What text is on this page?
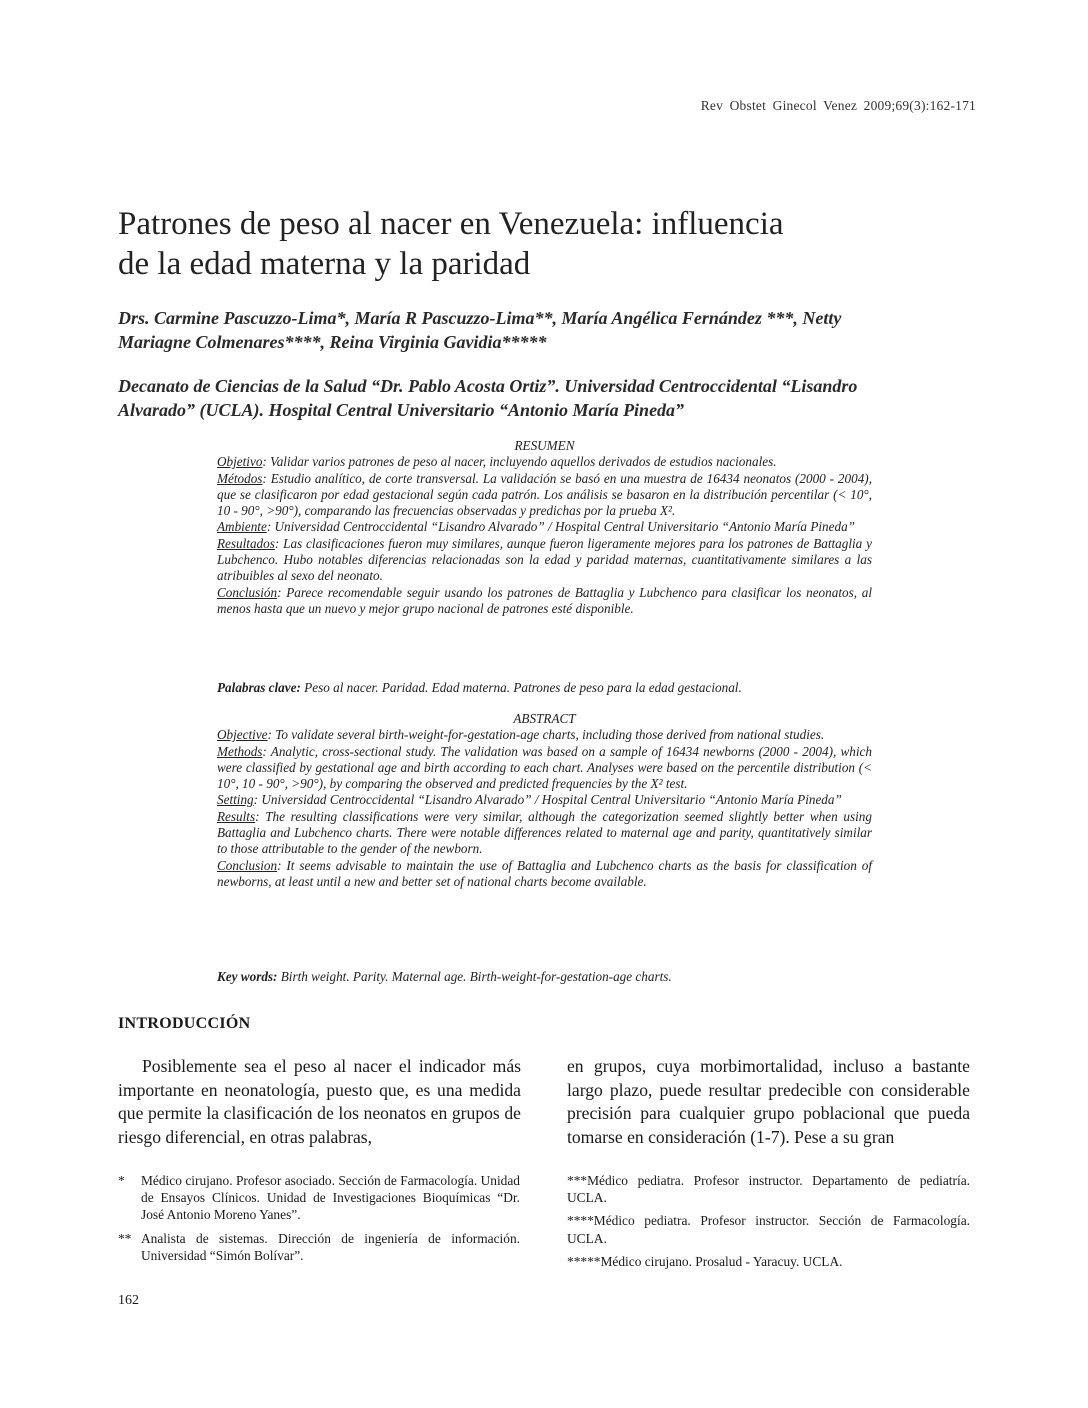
Rev Obstet Ginecol Venez 2009;69(3):162-171
Patrones de peso al nacer en Venezuela: influencia
de la edad materna y la paridad

Drs. Carmine Pascuzzo-Lima*, María R Pascuzzo-Lima**, María Angélica Fernández ***, Netty
Mariagne Colmenares****, Reina Virginia Gavidia*****

Decanato de Ciencias de la Salud “Dr. Pablo Acosta Ortiz”. Universidad Centroccidental “Lisandro
Alvarado” (UCLA). Hospital Central Universitario “Antonio María Pineda”

RESUMEN

Objetivo: Validar varios patrones de peso al nacer, incluyendo aquellos derivados de estudios nacionales.

Métodos: Estudio analítico, de corte transversal. La validación se basó en una muestra de 16434 neonatos (2000 - 2004), que se clasificaron por edad gestacional según cada patrón. Los análisis se basaron en la distribución percentilar (< 10°, 10 - 90°, >90°), comparando las frecuencias observadas y predichas por la prueba X².

Ambiente: Universidad Centroccidental “Lisandro Alvarado” / Hospital Central Universitario “Antonio María Pineda”

Resultados: Las clasificaciones fueron muy similares, aunque fueron ligeramente mejores para los patrones de Battaglia y Lubchenco. Hubo notables diferencias relacionadas son la edad y paridad maternas, cuantitativamente similares a las atribuibles al sexo del neonato.

Conclusión: Parece recomendable seguir usando los patrones de Battaglia y Lubchenco para clasificar los neonatos, al menos hasta que un nuevo y mejor grupo nacional de patrones esté disponible.

Palabras clave: Peso al nacer. Paridad. Edad materna. Patrones de peso para la edad gestacional.

ABSTRACT

Objective: To validate several birth-weight-for-gestation-age charts, including those derived from national studies.

Methods: Analytic, cross-sectional study. The validation was based on a sample of 16434 newborns (2000 - 2004), which were classified by gestational age and birth according to each chart. Analyses were based on the percentile distribution (< 10°, 10 - 90°, >90°), by comparing the observed and predicted frequencies by the X² test.

Setting: Universidad Centroccidental “Lisandro Alvarado” / Hospital Central Universitario “Antonio María Pineda”

Results: The resulting classifications were very similar, although the categorization seemed slightly better when using Battaglia and Lubchenco charts. There were notable differences related to maternal age and parity, quantitatively similar to those attributable to the gender of the newborn.

Conclusion: It seems advisable to maintain the use of Battaglia and Lubchenco charts as the basis for classification of newborns, at least until a new and better set of national charts become available.

Key words: Birth weight. Parity. Maternal age. Birth-weight-for-gestation-age charts.

INTRODUCCIÓN

Posiblemente sea el peso al nacer el indicador más importante en neonatología, puesto que, es una medida que permite la clasificación de los neonatos en grupos de riesgo diferencial, en otras palabras,

en grupos, cuya morbimortalidad, incluso a bastante largo plazo, puede resultar predecible con considerable precisión para cualquier grupo poblacional que pueda tomarse en consideración (1-7). Pese a su gran

*	Médico cirujano. Profesor asociado. Sección de Farmacología. Unidad de Ensayos Clínicos. Unidad de Investigaciones Bioquímicas “Dr. José Antonio Moreno Yanes”.
** Analista de sistemas. Dirección de ingeniería de información. Universidad “Simón Bolívar”.
***Médico pediatra. Profesor instructor. Departamento de pediatría. UCLA.
****Médico pediatra. Profesor instructor. Sección de Farmacología. UCLA.
*****Médico cirujano. Prosalud - Yaracuy. UCLA.
162
